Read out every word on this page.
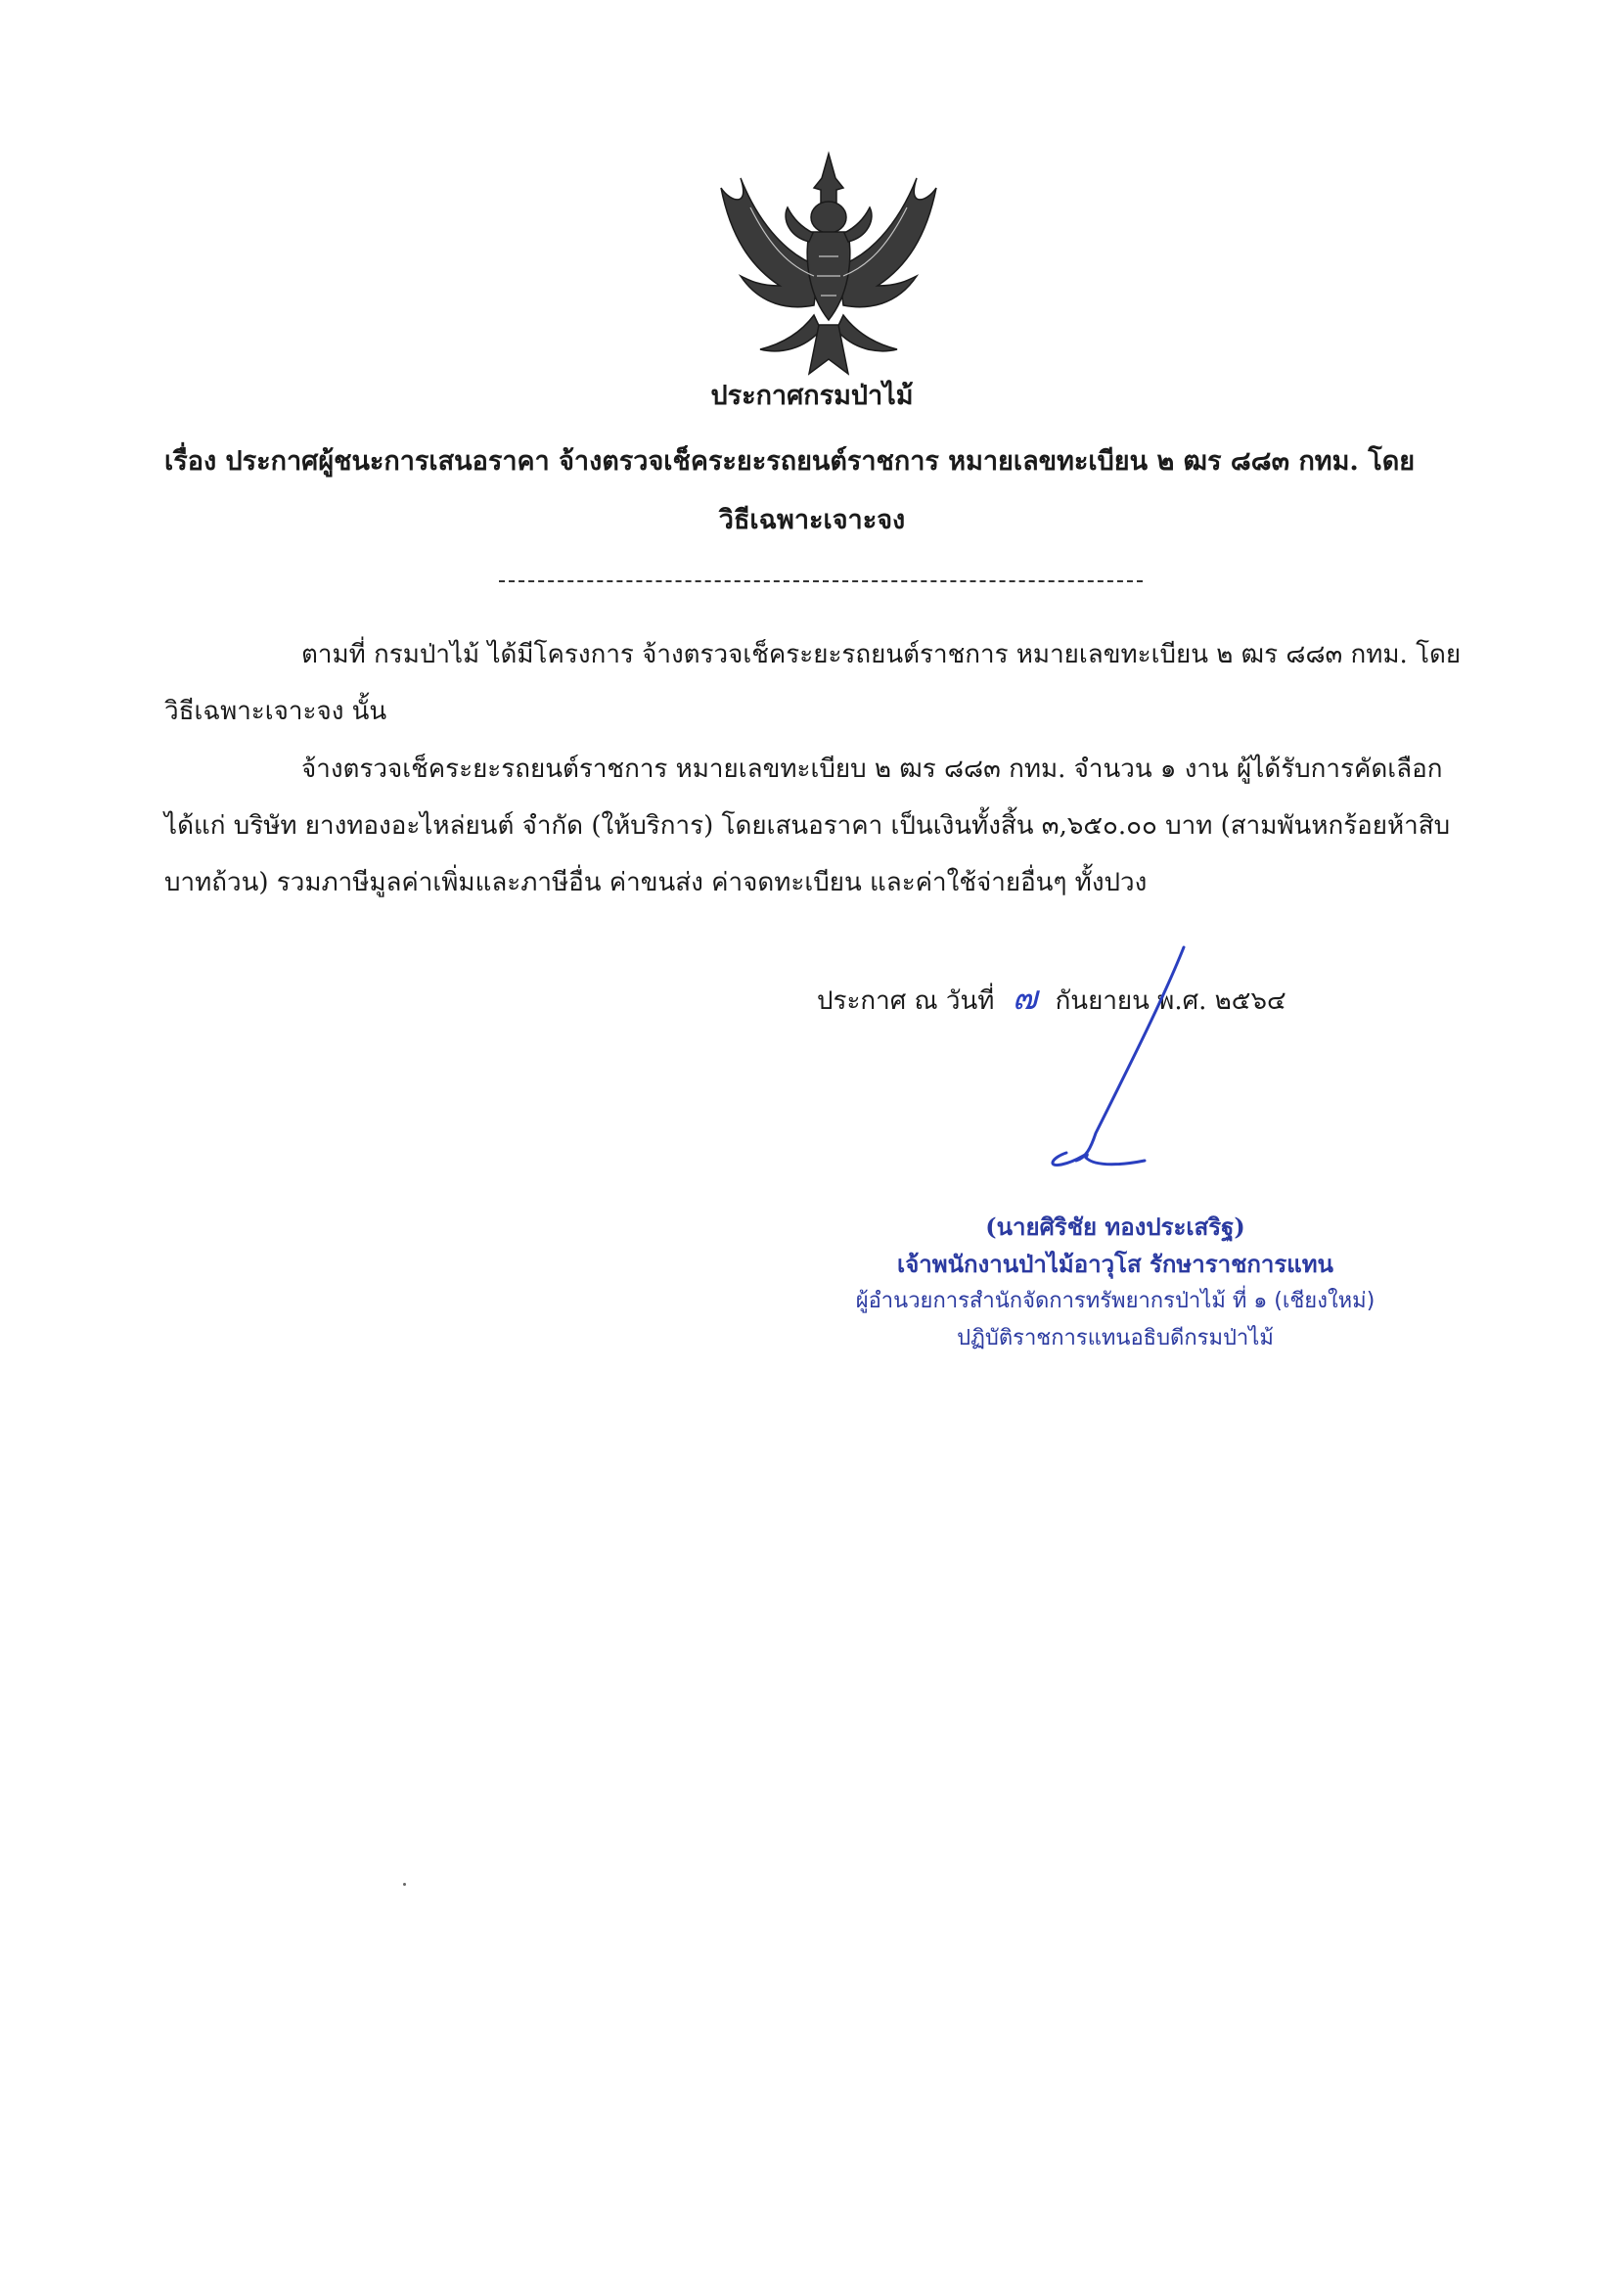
ประกาศกรมป่าไม้
เรื่อง ประกาศผู้ชนะการเสนอราคา จ้างตรวจเช็คระยะรถยนต์ราชการ หมายเลขทะเบียน ๒ ฒร ๘๘๓ กทม. โดย
วิธีเฉพาะเจาะจง
ตามที่ กรมป่าไม้ ได้มีโครงการ จ้างตรวจเช็คระยะรถยนต์ราชการ หมายเลขทะเบียน ๒ ฒร ๘๘๓ กทม. โดยวิธีเฉพาะเจาะจง นั้น
จ้างตรวจเช็คระยะรถยนต์ราชการ หมายเลขทะเบียบ ๒ ฒร ๘๘๓ กทม. จำนวน ๑ งาน ผู้ได้รับการคัดเลือก ได้แก่ บริษัท ยางทองอะไหล่ยนต์ จำกัด (ให้บริการ) โดยเสนอราคา เป็นเงินทั้งสิ้น ๓,๖๕๐.๐๐ บาท (สามพันหกร้อยห้าสิบบาทถ้วน) รวมภาษีมูลค่าเพิ่มและภาษีอื่น ค่าขนส่ง ค่าจดทะเบียน และค่าใช้จ่ายอื่นๆ ทั้งปวง
ประกาศ ณ วันที่ ๗ กันยายน พ.ศ. ๒๕๖๔
(นายศิริชัย ทองประเสริฐ)
เจ้าพนักงานป่าไม้อาวุโส รักษาราชการแทน
ผู้อำนวยการสำนักจัดการทรัพยากรป่าไม้ ที่ ๑ (เชียงใหม่)
ปฏิบัติราชการแทนอธิบดีกรมป่าไม้
